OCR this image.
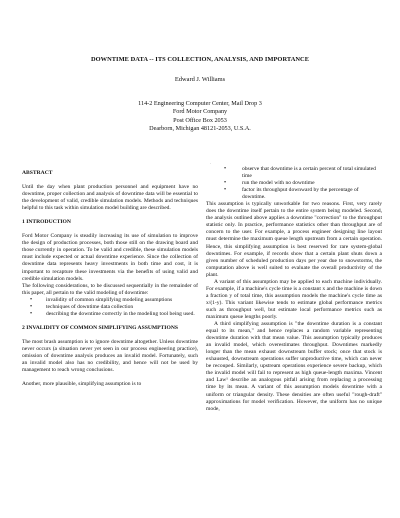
DOWNTIME DATA -- ITS COLLECTION, ANALYSIS, AND IMPORTANCE
Edward J. Williams
114-2 Engineering Computer Center, Mail Drop 3
Ford Motor Company
Post Office Box 2053
Dearborn, Michigan 48121-2053, U.S.A.
.
ABSTRACT

Until the day when plant production personnel and equipment have no downtime, proper collection and analysis of downtime data will be essential to the development of valid, credible simulation models. Methods and techniques helpful to this task within simulation model building are described.

1 INTRODUCTION

Ford Motor Company is steadily increasing its use of simulation to improve the design of production processes, both those still on the drawing board and those currently in operation. To be valid and credible, these simulation models must include expected or actual downtime experience. Since the collection of downtime data represents heavy investments in both time and cost, it is important to recapture these investments via the benefits of using valid and credible simulation models.

The following considerations, to be discussed sequentially in the remainder of this paper, all pertain to the valid modeling of downtime:

• invalidity of common simplifying modeling assumptions
• techniques of downtime data collection
• describing the downtime correctly in the modeling tool being used.
2 INVALIDITY OF COMMON SIMPLIFYING ASSUMPTIONS

The most brash assumption is to ignore downtime altogether. Unless downtime never occurs (a situation never yet seen in our process engineering practice), omission of downtime analysis produces an invalid model. Fortunately, such an invalid model also has no credibility, and hence will not be used by management to reach wrong conclusions.

Another, more plausible, simplifying assumption is to

• observe that downtime is a certain percent of total simulated time
• run the model with no downtime
• factor its throughput downward by the percentage of downtime.

This assumption is typically unworkable for two reasons. First, very rarely does the downtime itself pertain to the entire system being modeled. Second, the analysis outlined above applies a downtime "correction" to the throughput statistic only. In practice, performance statistics other than throughput are of concern to the user. For example, a process engineer designing line layout must determine the maximum queue length upstream from a certain operation. Hence, this simplifying assumption is best reserved for rare system-global downtimes. For example, if records show that a certain plant shuts down a given number of scheduled production days per year due to snowstorms, the computation above is well suited to evaluate the overall productivity of the plant.

A variant of this assumption may be applied to each machine individually. For example, if a machine's cycle time is a constant x and the machine is down a fraction y of total time, this assumption models the machine's cycle time as x/(1-y). This variant likewise tends to estimate global performance metrics such as throughput well, but estimate local performance metrics such as maximum queue lengths poorly.

A third simplifying assumption is "the downtime duration is a constant equal to its mean," and hence replaces a random variable representing downtime duration with that mean value. This assumption typically produces an invalid model, which overestimates throughput. Downtimes markedly longer than the mean exhaust downstream buffer stock; once that stock is exhausted, downstream operations suffer unproductive time, which can never be recouped. Similarly, upstream operations experience severe backup, which the invalid model will fail to represent as high queue-length maxima. Vincent and Law¹ describe an analogous pitfall arising from replacing a processing time by its mean. A variant of this assumption models downtime with a uniform or triangular density. These densities are often useful "rough-draft" approximations for model verification. However, the uniform has no unique mode,
